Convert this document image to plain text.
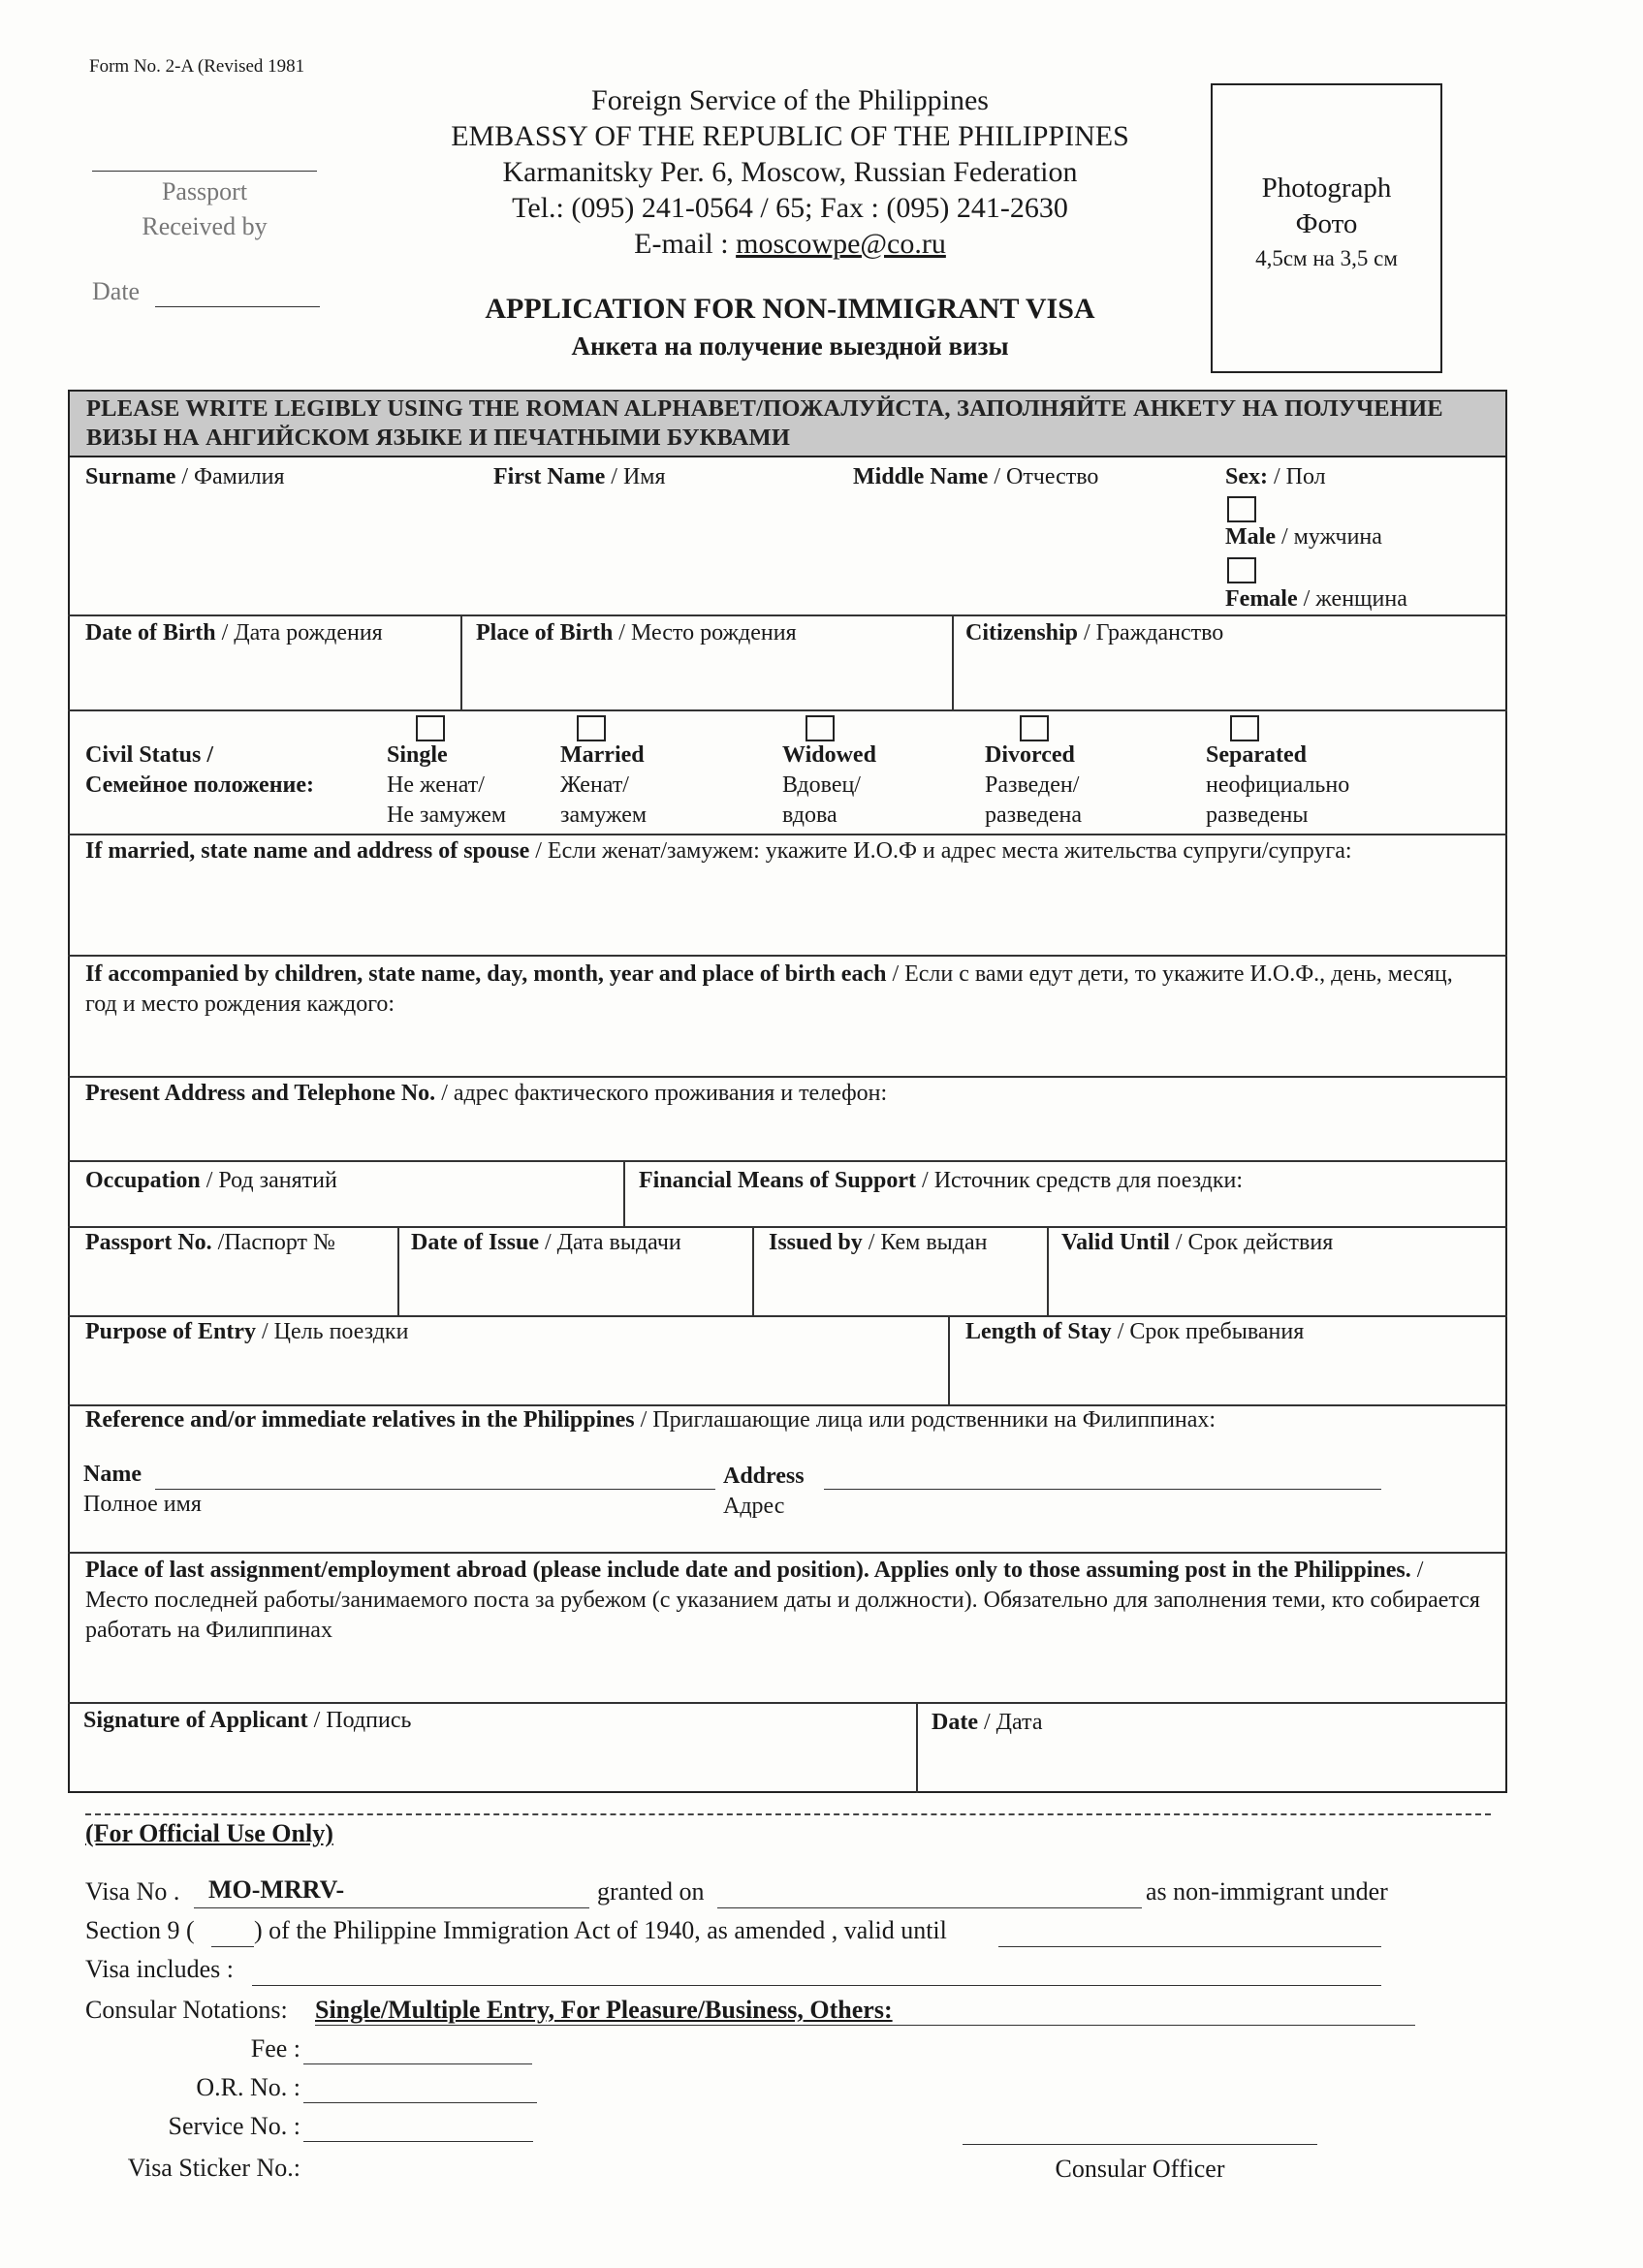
Form No. 2-A (Revised 1981
Passport
Received by
Date
Foreign Service of the Philippines
EMBASSY OF THE REPUBLIC OF THE PHILIPPINES
Karmanitsky Per. 6, Moscow, Russian Federation
Tel.: (095) 241-0564 / 65; Fax : (095) 241-2630
E-mail : moscowpe@co.ru
APPLICATION FOR NON-IMMIGRANT VISA
Анкета на получение выездной визы
Photograph
Фото
4,5см на 3,5 см
PLEASE WRITE LEGIBLY USING THE ROMAN ALPHABET/ПОЖАЛУЙСТА, ЗАПОЛНЯЙТЕ АНКЕТУ НА ПОЛУЧЕНИЕ ВИЗЫ НА АНГИЙСКОМ ЯЗЫКЕ И ПЕЧАТНЫМИ БУКВАМИ
Surname / Фамилия	First Name / Имя	Middle Name / Отчество	Sex: / Пол
Male / мужчина
Female / женщина
Date of Birth / Дата рождения	Place of Birth / Место рождения	Citizenship / Гражданство
Civil Status /
Семейное положение:
Single
Не женат/
Не замужем
Married
Женат/
замужем
Widowed
Вдовец/
вдова
Divorced
Разведен/
разведена
Separated
неофициально
разведены
If married, state name and address of spouse / Если женат/замужем: укажите И.О.Ф и адрес места жительства супруги/супруга:
If accompanied by children, state name, day, month, year and place of birth each / Если с вами едут дети, то укажите И.О.Ф., день, месяц, год и место рождения каждого:
Present Address and Telephone No. / адрес фактического проживания и телефон:
Occupation / Род занятий	Financial Means of Support / Источник средств для поездки:
Passport No. /Паспорт №	Date of Issue / Дата выдачи	Issued by / Кем выдан	Valid Until / Срок действия
Purpose of Entry / Цель поездки	Length of Stay / Срок пребывания
Reference and/or immediate relatives in the Philippines / Приглашающие лица или родственники на Филиппинах:
Name
Полное имя
Address
Адрес
Place of last assignment/employment abroad (please include date and position). Applies only to those assuming post in the Philippines. / Место последней работы/занимаемого поста за рубежом (с указанием даты и должности). Обязательно для заполнения теми, кто собирается работать на Филиппинах
Signature of Applicant / Подпись	Date / Дата
(For Official Use Only)
Visa No . MO-MRRV-	granted on	as non-immigrant under
Section 9 ( ) of the Philippine Immigration Act of 1940, as amended , valid until
Visa includes :
Consular Notations: Single/Multiple Entry, For Pleasure/Business, Others:
Fee :
O.R. No. :
Service No. :
Visa Sticker No.:	Consular Officer
